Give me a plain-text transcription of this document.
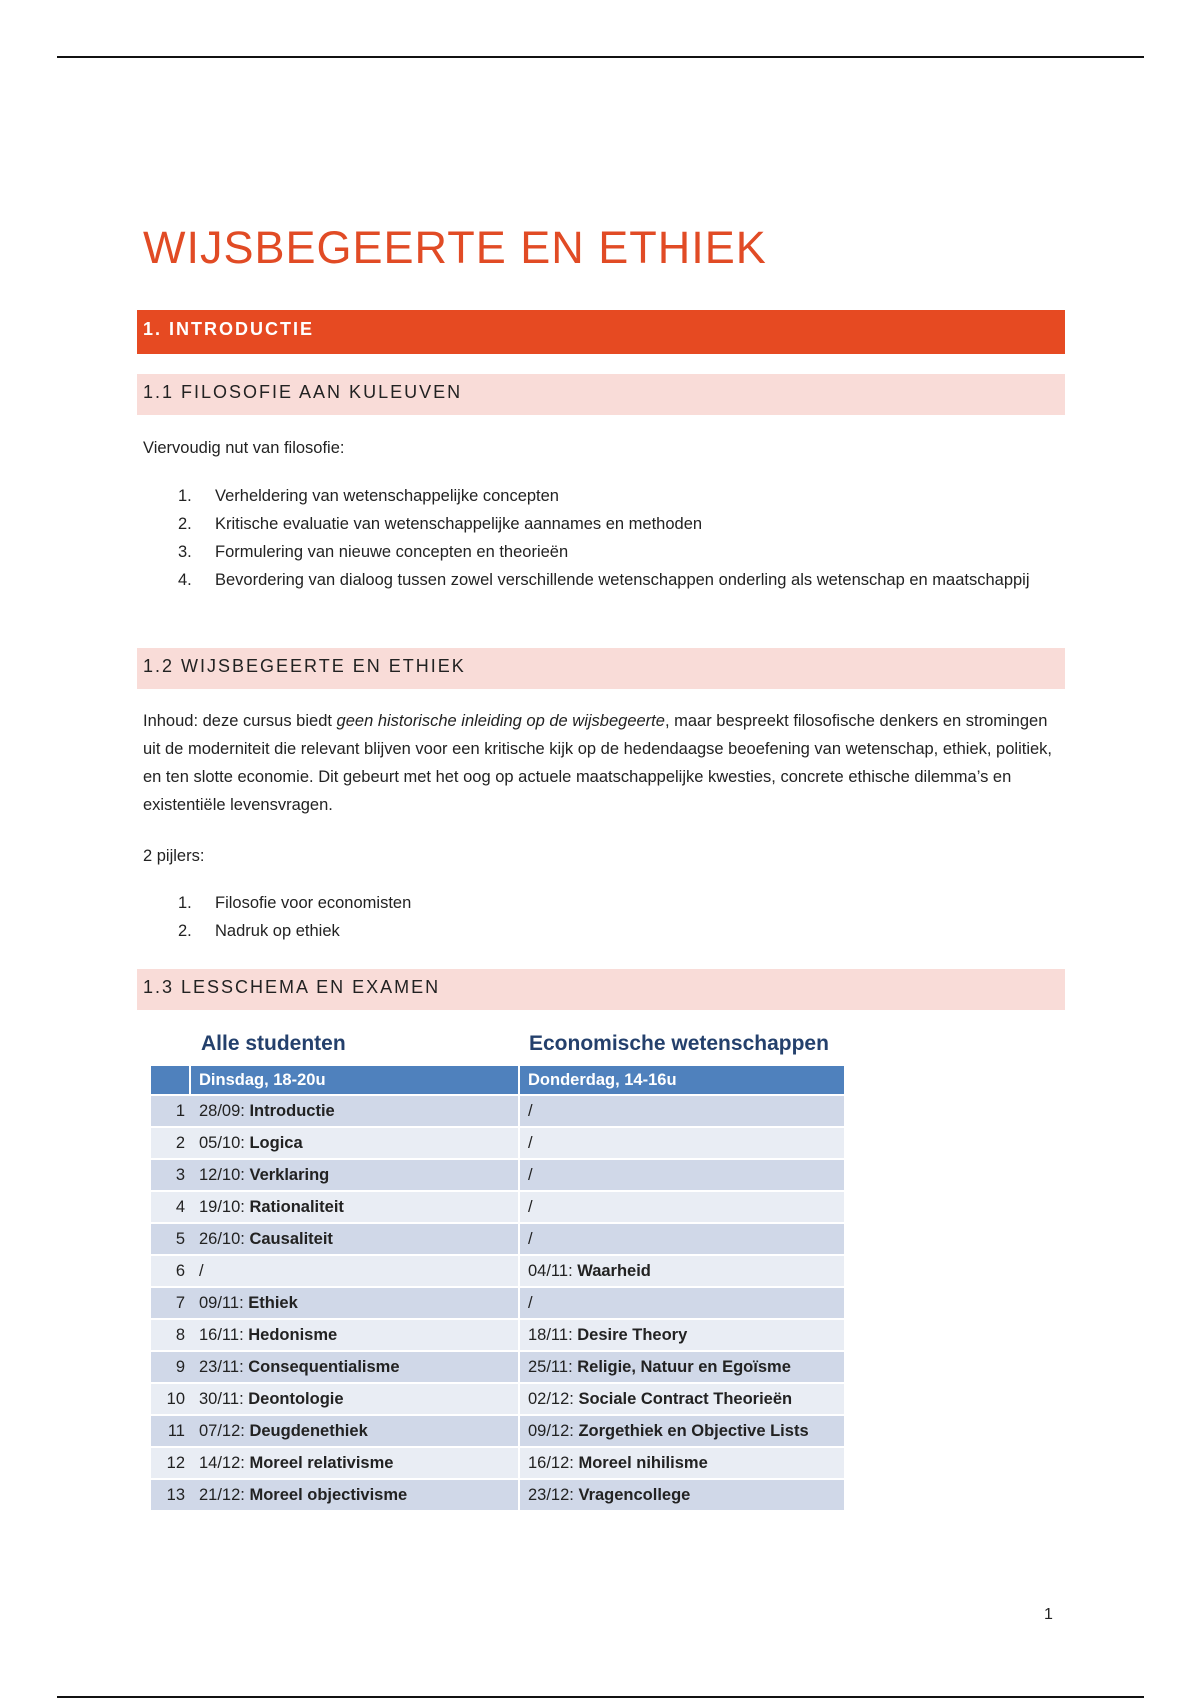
WIJSBEGEERTE EN ETHIEK
1. INTRODUCTIE
1.1 FILOSOFIE AAN KULEUVEN
Viervoudig nut van filosofie:
1. Verheldering van wetenschappelijke concepten
2. Kritische evaluatie van wetenschappelijke aannames en methoden
3. Formulering van nieuwe concepten en theorieën
4. Bevordering van dialoog tussen zowel verschillende wetenschappen onderling als wetenschap en maatschappij
1.2 WIJSBEGEERTE EN ETHIEK
Inhoud: deze cursus biedt geen historische inleiding op de wijsbegeerte, maar bespreekt filosofische denkers en stromingen uit de moderniteit die relevant blijven voor een kritische kijk op de hedendaagse beoefening van wetenschap, ethiek, politiek, en ten slotte economie. Dit gebeurt met het oog op actuele maatschappelijke kwesties, concrete ethische dilemma’s en existentiële levensvragen.
2 pijlers:
1. Filosofie voor economisten
2. Nadruk op ethiek
1.3 LESSCHEMA EN EXAMEN
Alle studenten	Economische wetenschappen
Dinsdag, 18-20u	Donderdag, 14-16u
1 28/09: Introductie	/
2 05/10: Logica	/
3 12/10: Verklaring	/
4 19/10: Rationaliteit	/
5 26/10: Causaliteit	/
6 /	04/11: Waarheid
7 09/11: Ethiek	/
8 16/11: Hedonisme	18/11: Desire Theory
9 23/11: Consequentialisme	25/11: Religie, Natuur en Egoïsme
10 30/11: Deontologie	02/12: Sociale Contract Theorieën
11 07/12: Deugdenethiek	09/12: Zorgethiek en Objective Lists
12 14/12: Moreel relativisme	16/12: Moreel nihilisme
13 21/12: Moreel objectivisme	23/12: Vragencollege
1
